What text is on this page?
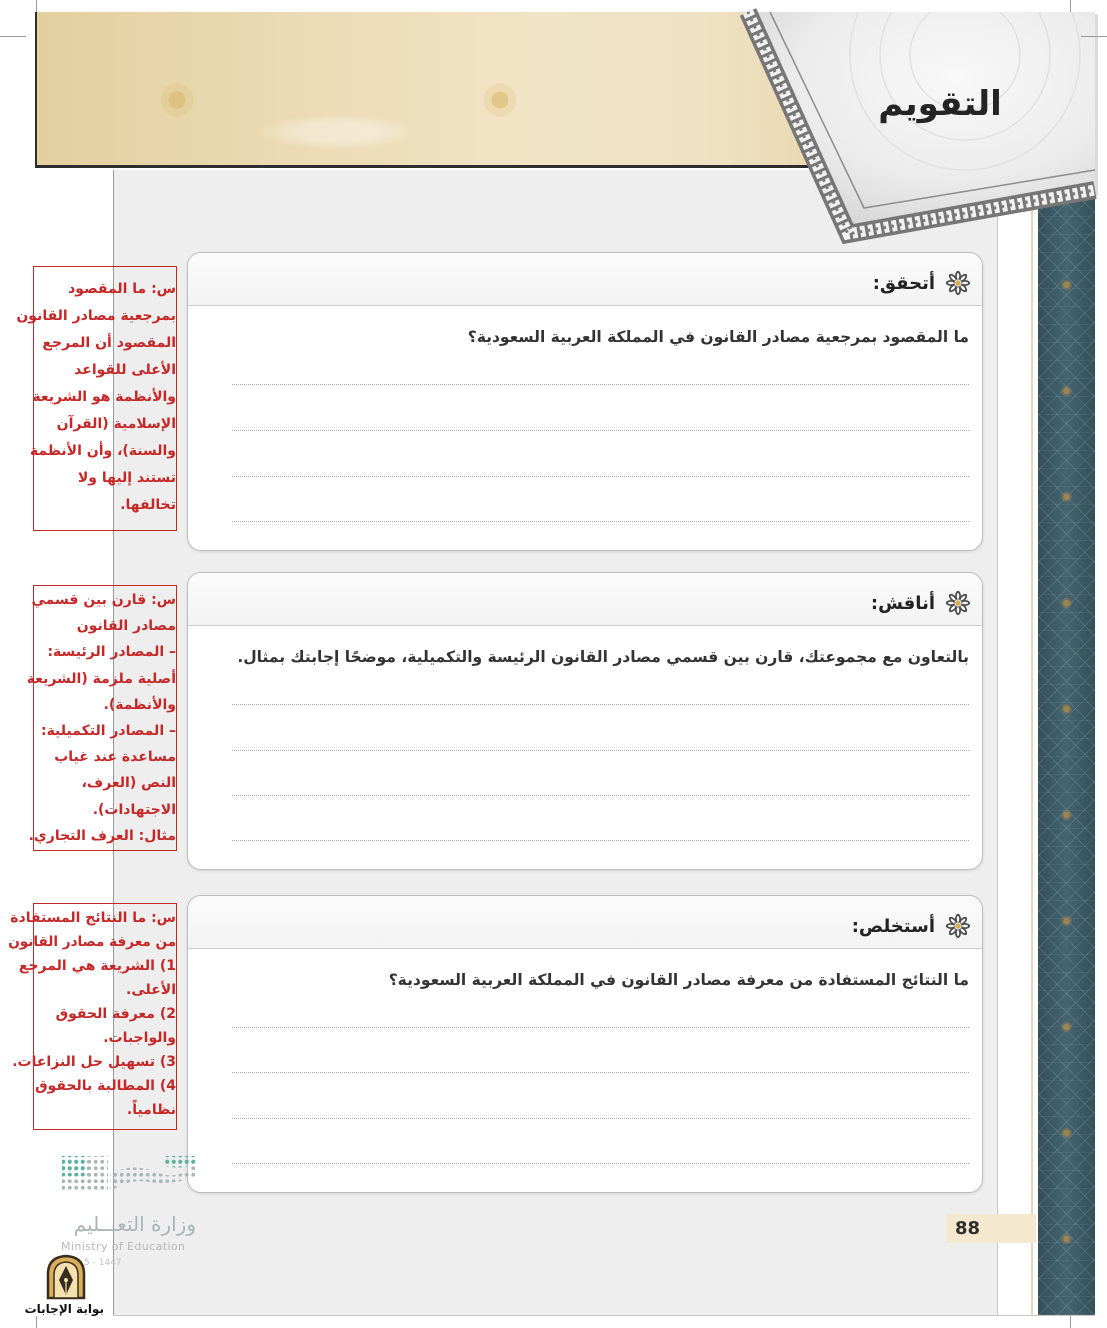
التقويم
أتحقق:
ما المقصود بمرجعية مصادر القانون في المملكة العربية السعودية؟
أناقش:
بالتعاون مع مجموعتك، قارن بين قسمي مصادر القانون الرئيسة والتكميلية، موضحًا إجابتك بمثال.
أستخلص:
ما النتائج المستفادة من معرفة مصادر القانون في المملكة العربية السعودية؟
س: ما المقصود
بمرجعية مصادر القانون
المقصود أن المرجع
الأعلى للقواعد
والأنظمة هو الشريعة
الإسلامية (القرآن
والسنة)، وأن الأنظمة
تستند إليها ولا
تخالفها.
س: قارن بين قسمي
مصادر القانون
– المصادر الرئيسة:
أصلية ملزمة (الشريعة
والأنظمة).
– المصادر التكميلية:
مساعدة عند غياب
النص (العرف،
الاجتهادات).
مثال: العرف التجاري.
س: ما النتائج المستفادة
من معرفة مصادر القانون
1) الشريعة هي المرجع
الأعلى.
2) معرفة الحقوق
والواجبات.
3) تسهيل حل النزاعات.
4) المطالبة بالحقوق
نظامياً.
وزارة التعـــليم
Ministry of Education
5 - 1447
بوابة الإجابات
88
